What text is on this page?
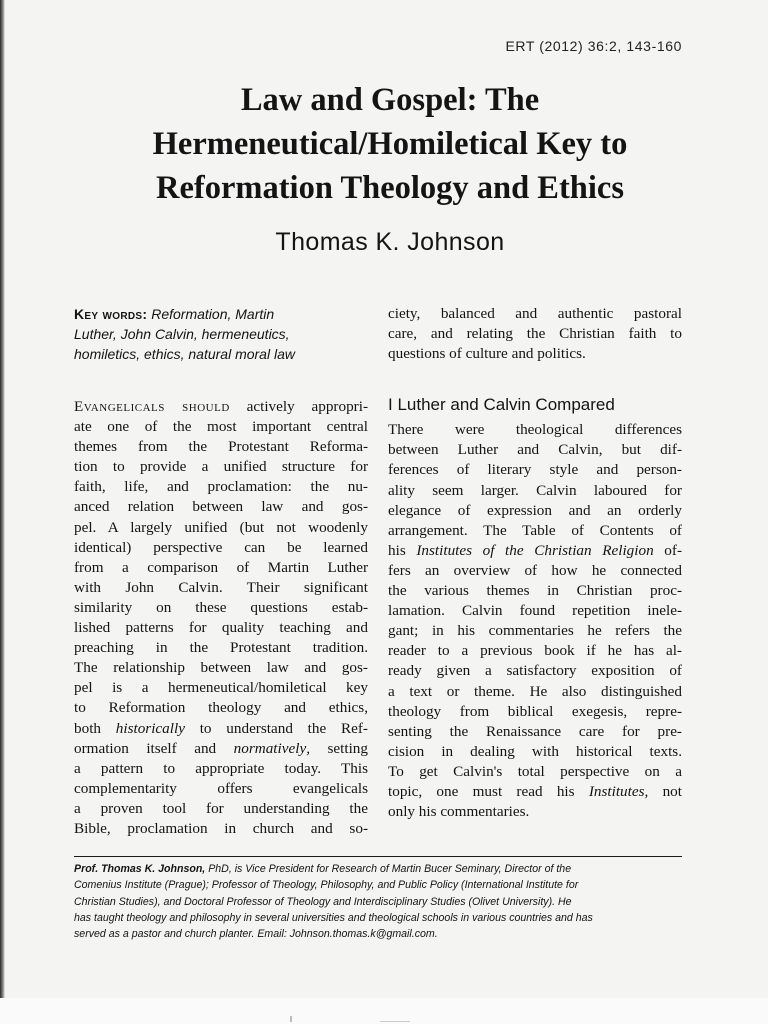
ERT (2012) 36:2, 143-160
Law and Gospel: The
Hermeneutical/Homiletical Key to
Reformation Theology and Ethics
Thomas K. Johnson
Key words: Reformation, Martin
Luther, John Calvin, hermeneutics,
homiletics, ethics, natural moral law
Evangelicals should actively appropri-
ate one of the most important central
themes from the Protestant Reforma-
tion to provide a unified structure for
faith, life, and proclamation: the nu-
anced relation between law and gos-
pel. A largely unified (but not woodenly
identical) perspective can be learned
from a comparison of Martin Luther
with John Calvin. Their significant
similarity on these questions estab-
lished patterns for quality teaching and
preaching in the Protestant tradition.
The relationship between law and gos-
pel is a hermeneutical/homiletical key
to Reformation theology and ethics,
both historically to understand the Ref-
ormation itself and normatively, setting
a pattern to appropriate today. This
complementarity offers evangelicals
a proven tool for understanding the
Bible, proclamation in church and so-
ciety, balanced and authentic pastoral
care, and relating the Christian faith to
questions of culture and politics.
I Luther and Calvin Compared
There were theological differences
between Luther and Calvin, but dif-
ferences of literary style and person-
ality seem larger. Calvin laboured for
elegance of expression and an orderly
arrangement. The Table of Contents of
his Institutes of the Christian Religion of-
fers an overview of how he connected
the various themes in Christian proc-
lamation. Calvin found repetition inele-
gant; in his commentaries he refers the
reader to a previous book if he has al-
ready given a satisfactory exposition of
a text or theme. He also distinguished
theology from biblical exegesis, repre-
senting the Renaissance care for pre-
cision in dealing with historical texts.
To get Calvin's total perspective on a
topic, one must read his Institutes, not
only his commentaries.
Prof. Thomas K. Johnson, PhD, is Vice President for Research of Martin Bucer Seminary, Director of the
Comenius Institute (Prague); Professor of Theology, Philosophy, and Public Policy (International Institute for
Christian Studies), and Doctoral Professor of Theology and Interdisciplinary Studies (Olivet University). He
has taught theology and philosophy in several universities and theological schools in various countries and has
served as a pastor and church planter. Email: Johnson.thomas.k@gmail.com.
